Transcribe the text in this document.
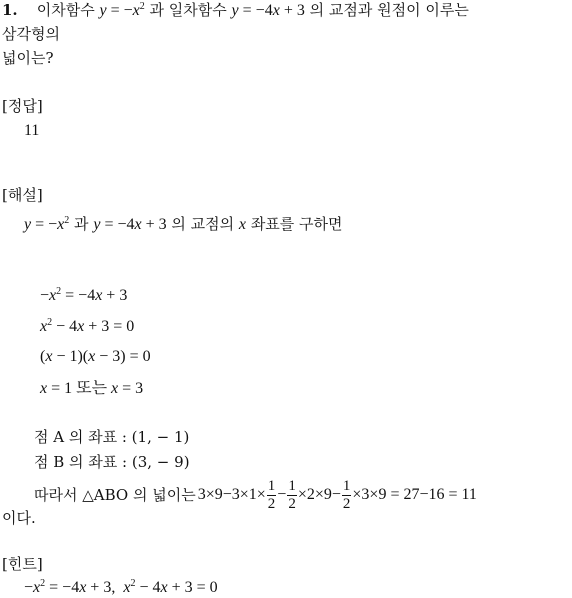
1. 이차함수 $y = -x^2$ 과 일차함수 y = −4x + 3 의 교점과 원점이 이루는
삼각형의
넓이는?
[정답]
11
[해설]
$y = -x^2$ 과 y = −4x + 3 의 교점의 x 좌표를 구하면
$-x^2 = -4x + 3$
$x^2 - 4x + 3 = 0$
(x − 1)(x − 3) = 0
x = 1 또는 x = 3
점 A 의 좌표 : (1, − 1)
점 B 의 좌표 : (3, − 9)
따라서 △ABO 의 넓이는 $3\times 9-3\times 1\times \frac{1}{2} - \frac{1}{2} \times 2\times 9- \frac{1}{2} \times 3\times 9 = 27-16 = 11$
이다.
[힌트]
$-x^2 = -4x + 3$,  $x^2 - 4x + 3 = 0$
